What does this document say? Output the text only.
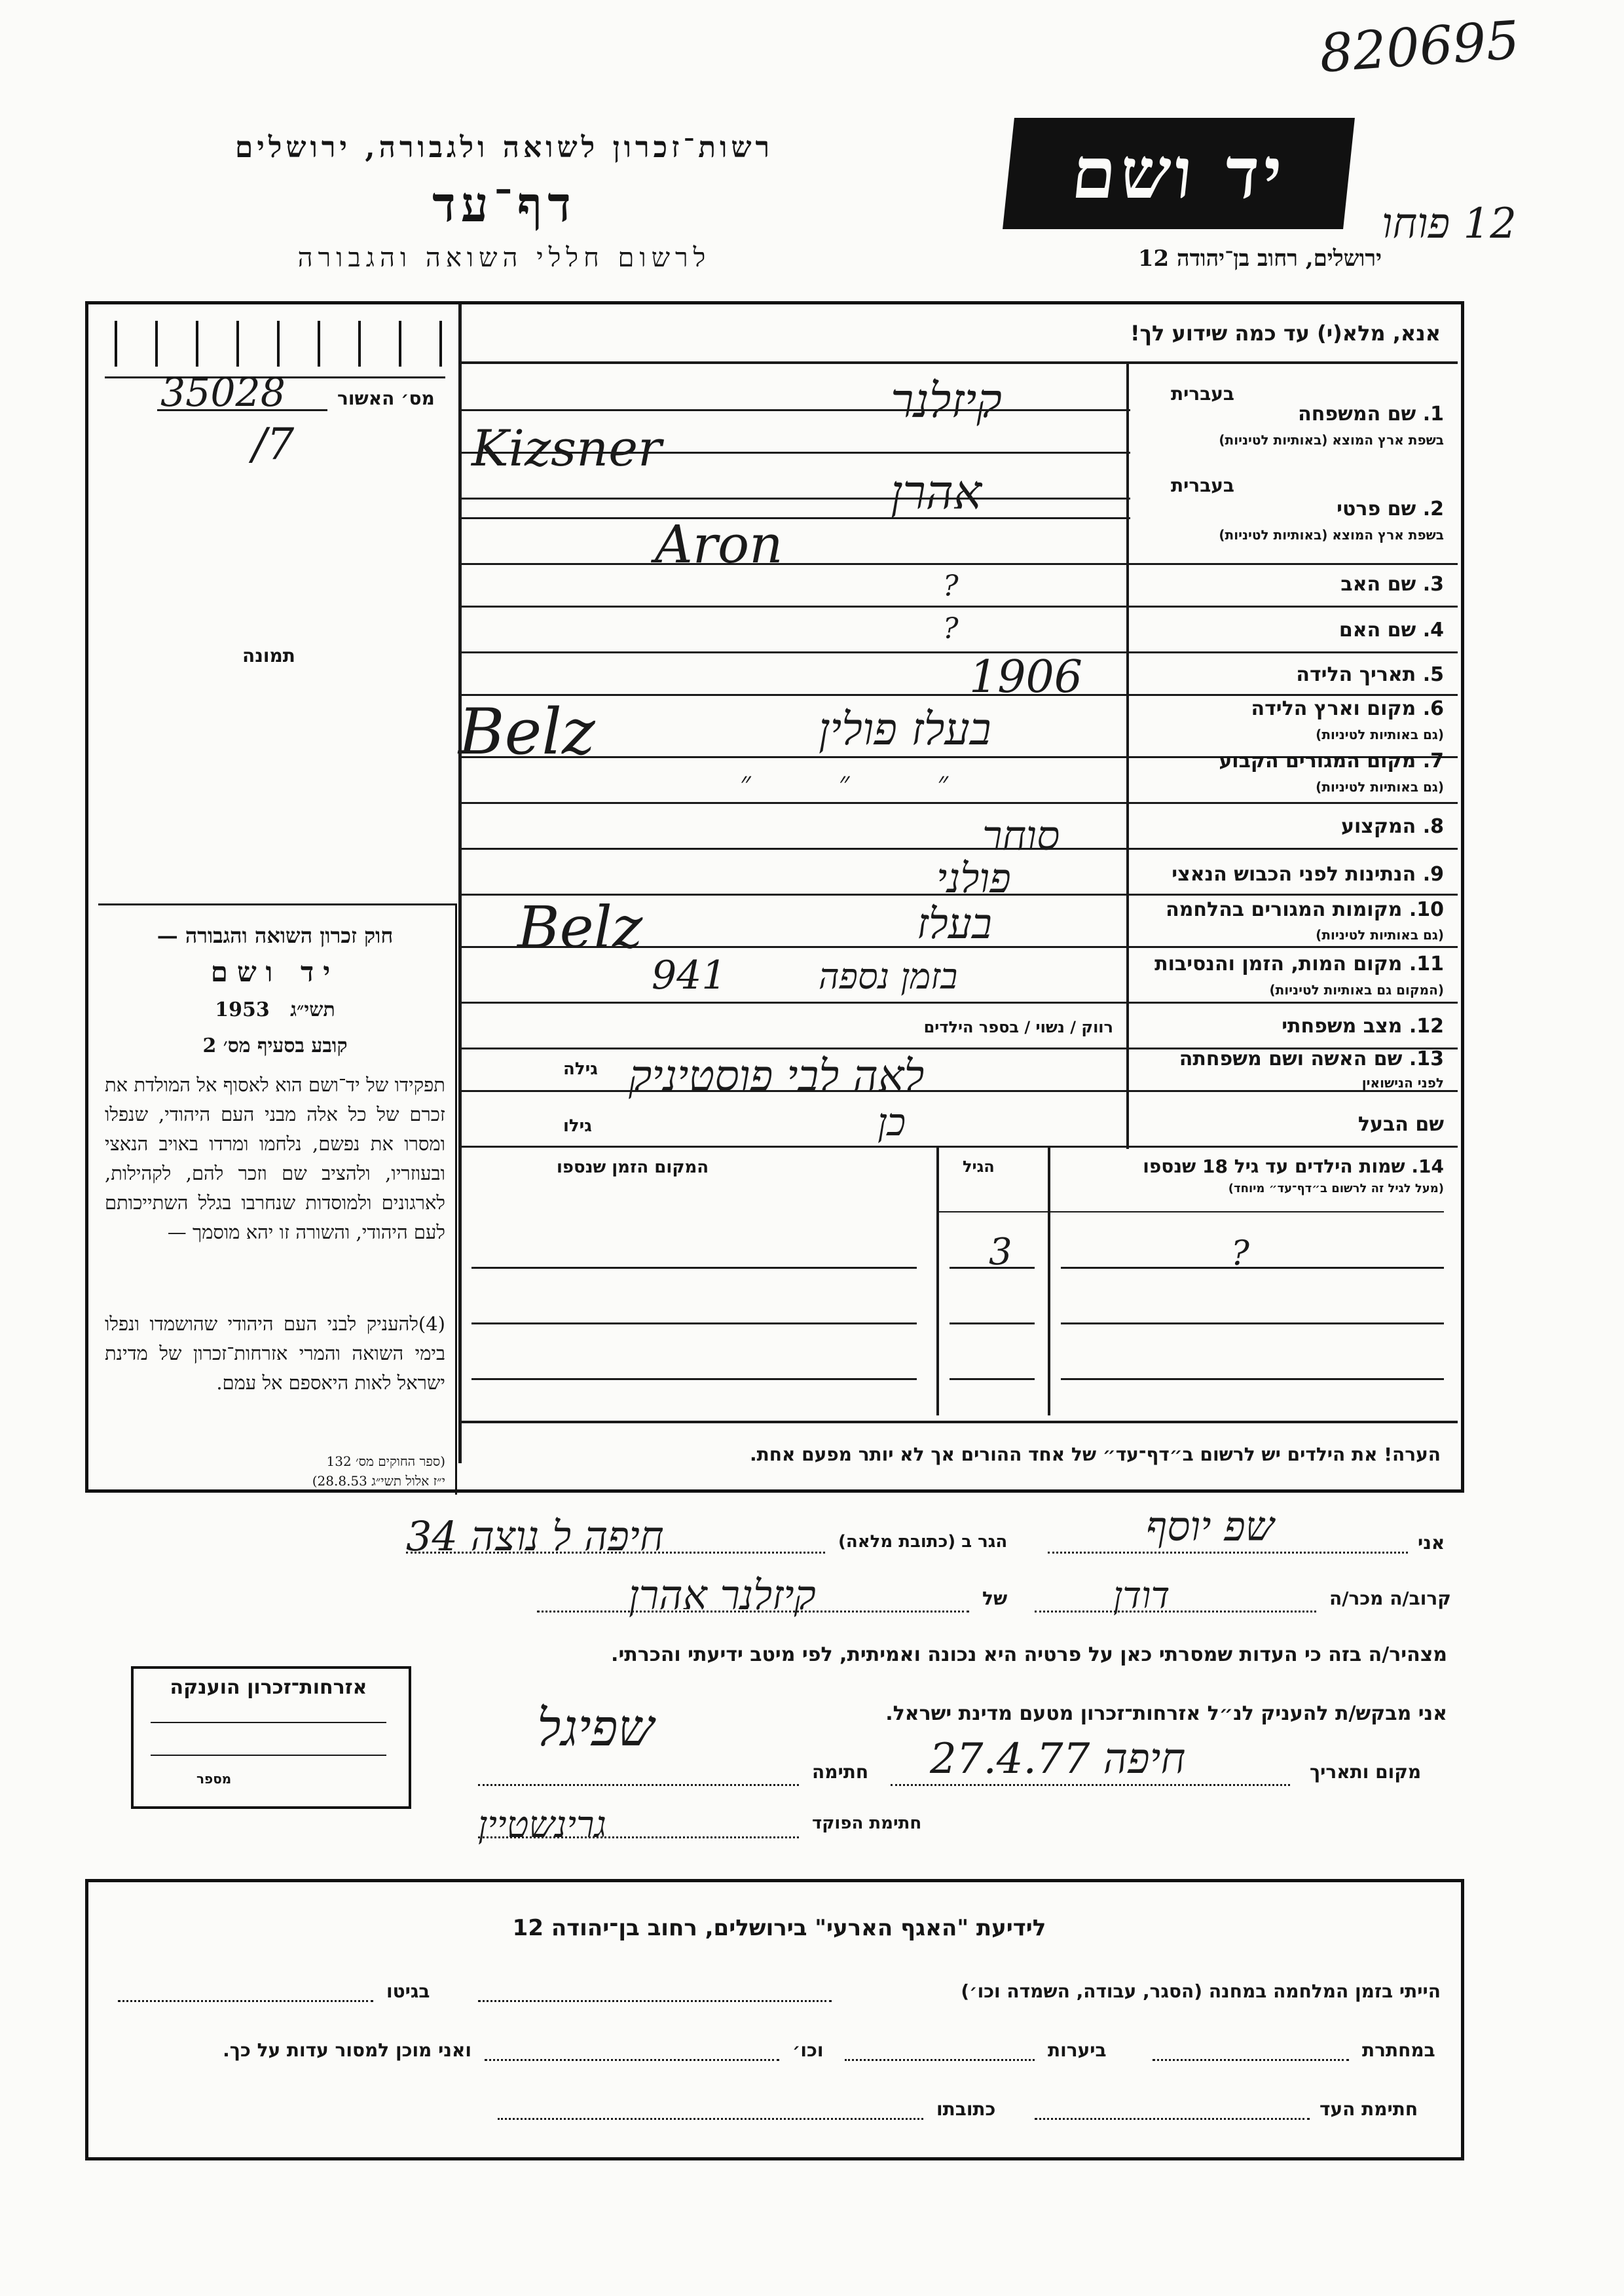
820695
12 פוחו
רשות־זכרון לשואה ולגבורה, ירושלים
דף־עד
לרשום חללי השואה והגבורה
יד ושם
ירושלים, רחוב בן־יהודה 12
מס׳ האשור
35028
/7
תמונה
חוק זכרון השואה והגבורה —
יד ושם
1953 תשי״ג
קובע בסעיף מס׳ 2
תפקידו של יד־ושם הוא לאסוף אל המולדת את זכרם של כל אלה מבני העם היהודי, שנפלו ומסרו את נפשם, נלחמו ומרדו באויב הנאצי ובעוזריו, ולהציב שם וזכר להם, לקהילות, לארגונים ולמוסדות שנחרבו בגלל השתייכותם לעם היהודי, והשורה זו יהא מוסמך —
(4)להעניק לבני העם היהודי שהושמדו ונפלו בימי השואה והמרי אזרחות־זכרון של מדינת ישראל לאות היאספם אל עמם.
(ספר החוקים מס׳ 132
י״ז אלול תשי״ג 28.8.53)
אנא, מלא(י) עד כמה שידוע לך!
בעברית
1. שם המשפחה
בשפת ארץ המוצא (באותיות לטיניות)
בעברית
2. שם פרטי
בשפת ארץ המוצא (באותיות לטיניות)
3. שם האב
4. שם האם
5. תאריך הלידה
6. מקום וארץ הלידה
(גם באותיות לטיניות)
7. מקום המגורים הקבוע
(גם באותיות לטיניות)
8. המקצוע
9. הנתינות לפני הכבוש הנאצי
10. מקומות המגורים בהלחמה
(גם באותיות לטיניות)
11. מקום המות, הזמן והנסיבות
(המקום גם באותיות לטיניות)
12. מצב משפחתי
13. שם האשה ושם משפחתה
לפני הנישואין
שם הבעל
קיזלנר
Kizsner
אהרן
Aron
?
?
1906
בעלז פולין
Belz
״ ״ ״
סוחר
פולני
בעלז
Belz
941	בזמן נספה
רווק / נשוי / בספר הילדים
לאה לבי פוסטיניק
גילה
כן
גילו
14. שמות הילדים עד גיל 18 שנספו
(מעל לגיל זה לרשום ב״דף־עד״ מיוחד)
הגיל
המקום הזמן שנספו
?
3
הערה! את הילדים יש לרשום ב״דף־עד״ של אחד ההורים אך לא יותר מפעם אחת.
אני
שפ יוסף
הגר ב (כתובת מלאה)
חיפה ל נוצה 34
קרוב/ה מכר/ה
דודן
של
קיזלנר אהרן
מצהיר/ה בזה כי העדות שמסרתי כאן על פרטיה היא נכונה ואמיתית, לפי מיטב ידיעתי והכרתי.
אני מבקש/ת להעניק לנ״ל אזרחות־זכרון מטעם מדינת ישראל.
מקום ותאריך
חיפה 27.4.77
חתימה
שפיגל
חתימת הפוקד
גרינשטיין
אזרחות־זכרון הוענקה
מספר
לידיעת "האגף הארעי" בירושלים, רחוב בן־יהודה 12
הייתי בזמן המלחמה במחנה (הסגר, עבודה, השמדה וכו׳)
בגיטו
במחתרת
ביערות
וכו׳
ואני מוכן למסור עדות על כך.
חתימת העד
כתובתו
